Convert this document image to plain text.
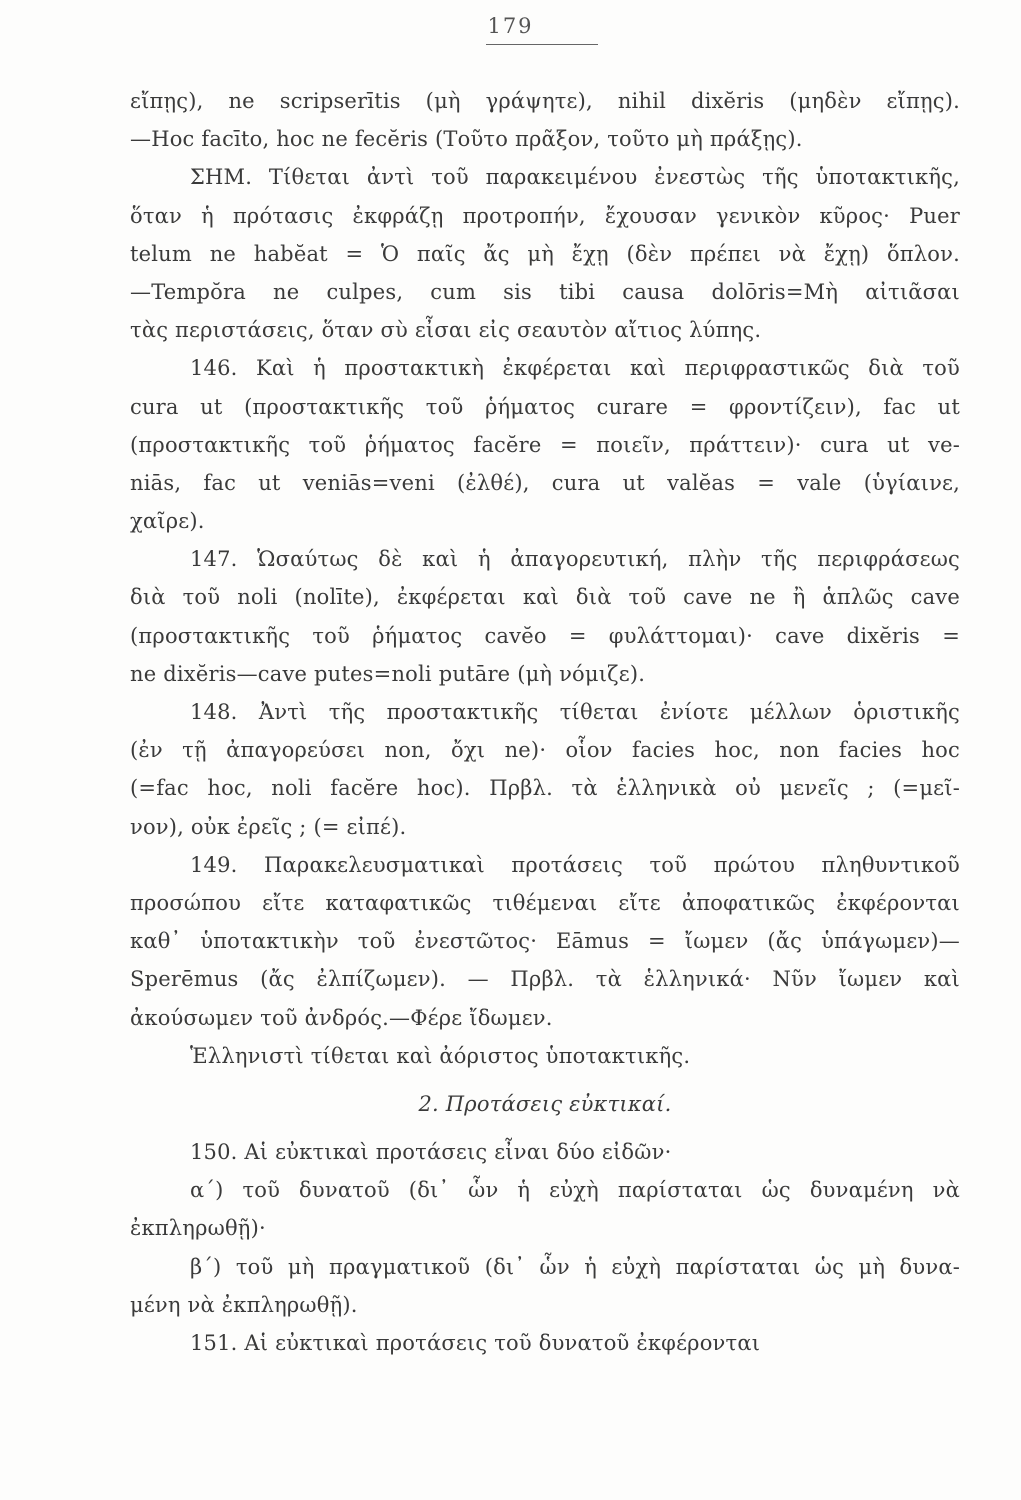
179
εἴπῃς), ne scripserītis (μὴ γράψητε), nihil dixĕris (μηδὲν εἴπῃς).
—Hoc facīto, hoc ne fecĕris (Τοῦτο πρᾶξον, τοῦτο μὴ πράξῃς).
ΣΗΜ. Τίθεται ἀντὶ τοῦ παρακειμένου ἐνεστὼς τῆς ὑποτακτικῆς,
ὅταν ἡ πρότασις ἐκφράζῃ προτροπήν, ἔχουσαν γενικὸν κῦρος· Puer
telum ne habĕat = Ὁ παῖς ἄς μὴ ἔχῃ (δὲν πρέπει νὰ ἔχῃ) ὅπλον.
—Tempŏra ne culpes, cum sis tibi causa dolōris=Μὴ αἰτιᾶσαι
τὰς περιστάσεις, ὅταν σὺ εἶσαι εἰς σεαυτὸν αἴτιος λύπης.
146. Καὶ ἡ προστακτικὴ ἐκφέρεται καὶ περιφραστικῶς διὰ τοῦ
cura ut (προστακτικῆς τοῦ ῥήματος curare = φροντίζειν), fac ut
(προστακτικῆς τοῦ ῥήματος facĕre = ποιεῖν, πράττειν)· cura ut ve-
niās, fac ut veniās=veni (ἐλθέ), cura ut valĕas = vale (ὑγίαινε,
χαῖρε).
147. Ὡσαύτως δὲ καὶ ἡ ἀπαγορευτική, πλὴν τῆς περιφράσεως
διὰ τοῦ noli (nolīte), ἐκφέρεται καὶ διὰ τοῦ cave ne ἢ ἁπλῶς cave
(προστακτικῆς τοῦ ῥήματος cavĕo = φυλάττομαι)· cave dixĕris =
ne dixĕris—cave putes=noli putāre (μὴ νόμιζε).
148. Ἀντὶ τῆς προστακτικῆς τίθεται ἐνίοτε μέλλων ὁριστικῆς
(ἐν τῇ ἀπαγορεύσει non, ὄχι ne)· οἷον facies hoc, non facies hoc
(=fac hoc, noli facĕre hoc). Πρβλ. τὰ ἑλληνικὰ οὐ μενεῖς ; (=μεῖ-
νον), οὐκ ἐρεῖς ; (= εἰπέ).
149. Παρακελευσματικαὶ προτάσεις τοῦ πρώτου πληθυντικοῦ
προσώπου εἴτε καταφατικῶς τιθέμεναι εἴτε ἀποφατικῶς ἐκφέρονται
καθ᾽ ὑποτακτικὴν τοῦ ἐνεστῶτος· Eāmus = ἴωμεν (ἄς ὑπάγωμεν)—
Sperēmus (ἄς ἐλπίζωμεν). — Πρβλ. τὰ ἑλληνικά· Νῦν ἴωμεν καὶ
ἀκούσωμεν τοῦ ἀνδρός.—Φέρε ἴδωμεν.
Ἑλληνιστὶ τίθεται καὶ ἀόριστος ὑποτακτικῆς.
2. Προτάσεις εὐκτικαί.
150. Αἱ εὐκτικαὶ προτάσεις εἶναι δύο εἰδῶν·
α΄) τοῦ δυνατοῦ (δι᾽ ὧν ἡ εὐχὴ παρίσταται ὡς δυναμένη νὰ
ἐκπληρωθῇ)·
β΄) τοῦ μὴ πραγματικοῦ (δι᾽ ὧν ἡ εὐχὴ παρίσταται ὡς μὴ δυνα-
μένη νὰ ἐκπληρωθῇ).
151. Αἱ εὐκτικαὶ προτάσεις τοῦ δυνατοῦ ἐκφέρονται
